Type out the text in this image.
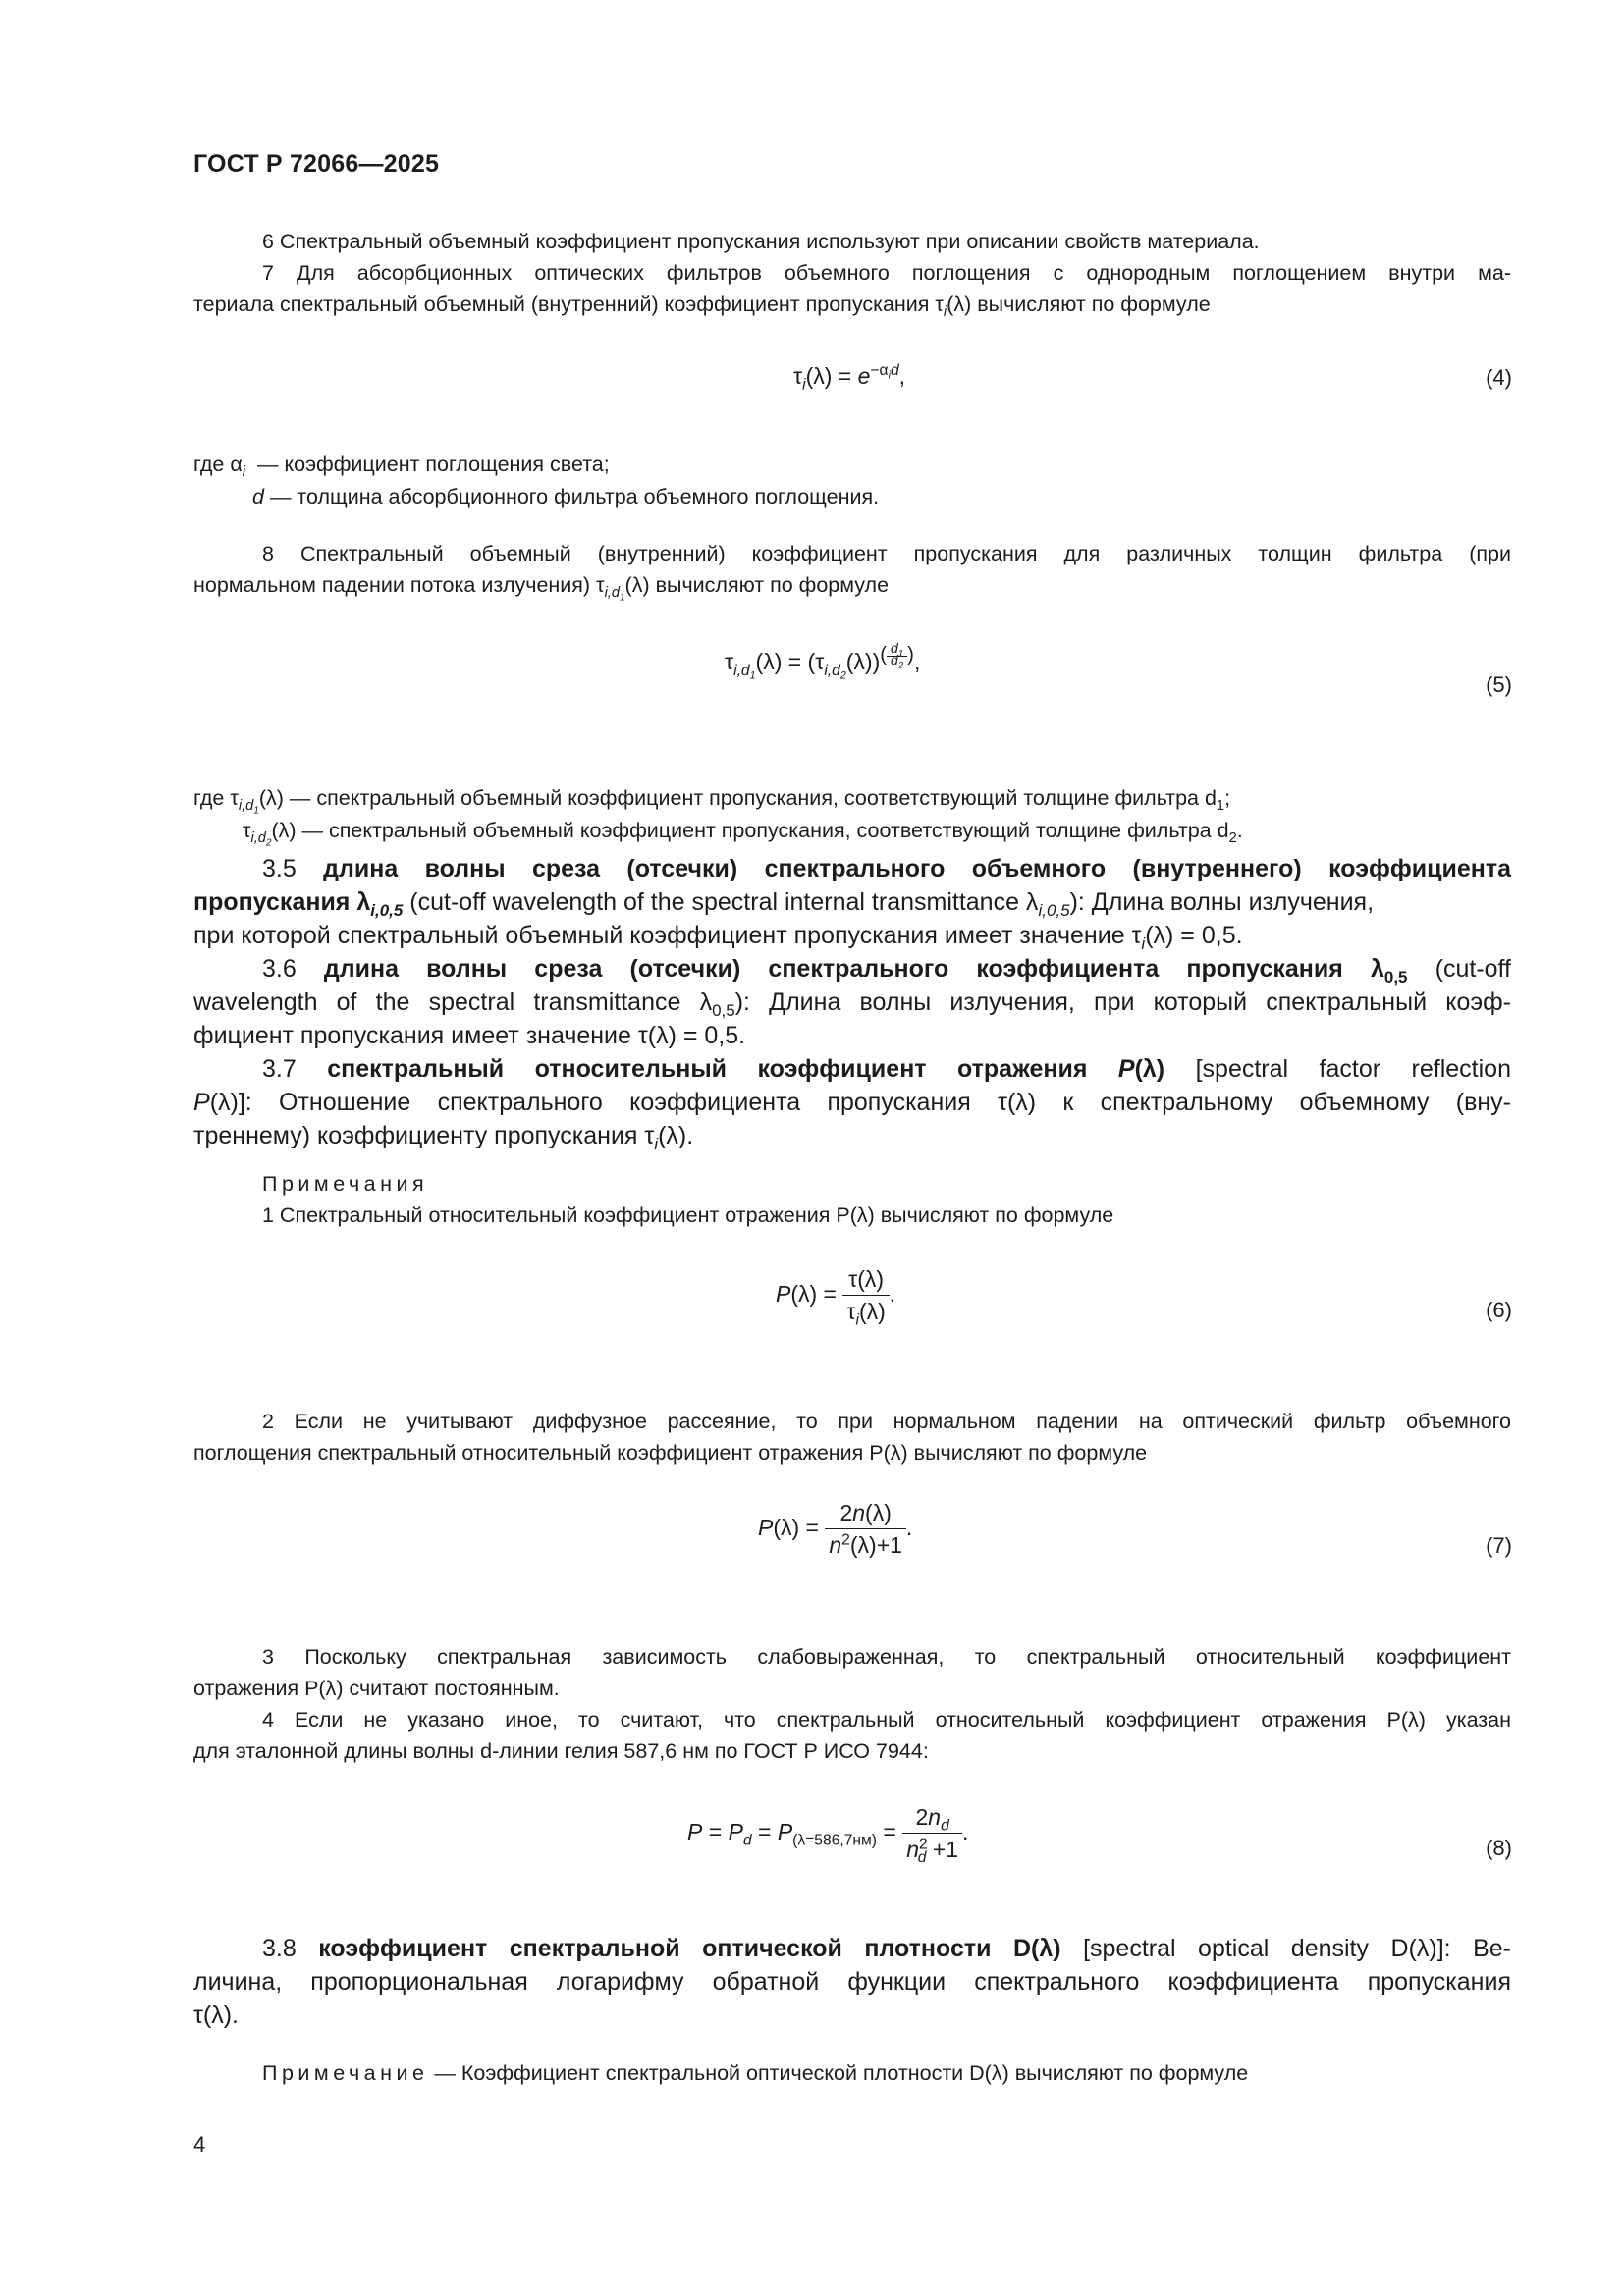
ГОСТ Р 72066—2025
6 Спектральный объемный коэффициент пропускания используют при описании свойств материала.
7 Для абсорбционных оптических фильтров объемного поглощения с однородным поглощением внутри ма-
териала спектральный объемный (внутренний) коэффициент пропускания $\tau_i(\lambda)$ вычисляют по формуле
$\tau_i(\lambda) = e^{-\alpha_id}$,	(4)
где $\alpha_i$  — коэффициент поглощения света;
d — толщина абсорбционного фильтра объемного поглощения.
8 Спектральный объемный (внутренний) коэффициент пропускания для различных толщин фильтра (при
нормальном падении потока излучения) $\tau_{i,d_1}(\lambda)$ вычисляют по формуле
$\tau_{i,d_1}(\lambda) = (\tau_{i,d_2}(\lambda))^{( \frac{d_1}{d_2} )}$,
(5)
где $\tau_{i,d_1}(\lambda)$ — спектральный объемный коэффициент пропускания, соответствующий толщине фильтра $d_1$;
$\tau_{i,d_2}(\lambda)$ — спектральный объемный коэффициент пропускания, соответствующий толщине фильтра $d_2$.
3.5 длина волны среза (отсечки) спектрального объемного (внутреннего) коэффициента
пропускания $\lambda_{i,0,5}$ (cut-off wavelength of the spectral internal transmittance $\lambda_{i,0,5}$): Длина волны излучения,
при которой спектральный объемный коэффициент пропускания имеет значение $\tau_i(\lambda) = 0,5$.
3.6 длина волны среза (отсечки) спектрального коэффициента пропускания $\lambda_{0,5}$ (cut-off
wavelength of the spectral transmittance $\lambda_{0,5}$): Длина волны излучения, при который спектральный коэф-
фициент пропускания имеет значение τ(λ) = 0,5.
3.7 спектральный относительный коэффициент отражения P(λ) [spectral factor reflection
P(λ)]: Отношение спектрального коэффициента пропускания τ(λ) к спектральному объемному (вну-
треннему) коэффициенту пропускания $\tau_i(\lambda)$.
Примечания
1 Спектральный относительный коэффициент отражения P(λ) вычисляют по формуле
$P(\lambda) = \frac{\tau(\lambda)}{\tau_i(\lambda)}$ .
(6)
2 Если не учитывают диффузное рассеяние, то при нормальном падении на оптический фильтр объемного
поглощения спектральный относительный коэффициент отражения P(λ) вычисляют по формуле
$P(\lambda) = \frac{2n(\lambda)}{n^2(\lambda)+1}$ .
(7)
3 Поскольку спектральная зависимость слабовыраженная, то спектральный относительный коэффициент
отражения P(λ) считают постоянным.
4 Если не указано иное, то считают, что спектральный относительный коэффициент отражения P(λ) указан
для эталонной длины волны d-линии гелия 587,6 нм по ГОСТ Р ИСО 7944:
$P = P_d = P_{(\lambda=586,7нм)} = \frac{2n_d}{n^2_d +1}$ .
(8)
3.8 коэффициент спектральной оптической плотности D(λ) [spectral optical density D(λ)]: Ве-
личина, пропорциональная логарифму обратной функции спектрального коэффициента пропускания
τ(λ).
Примечание — Коэффициент спектральной оптической плотности D(λ) вычисляют по формуле
4
